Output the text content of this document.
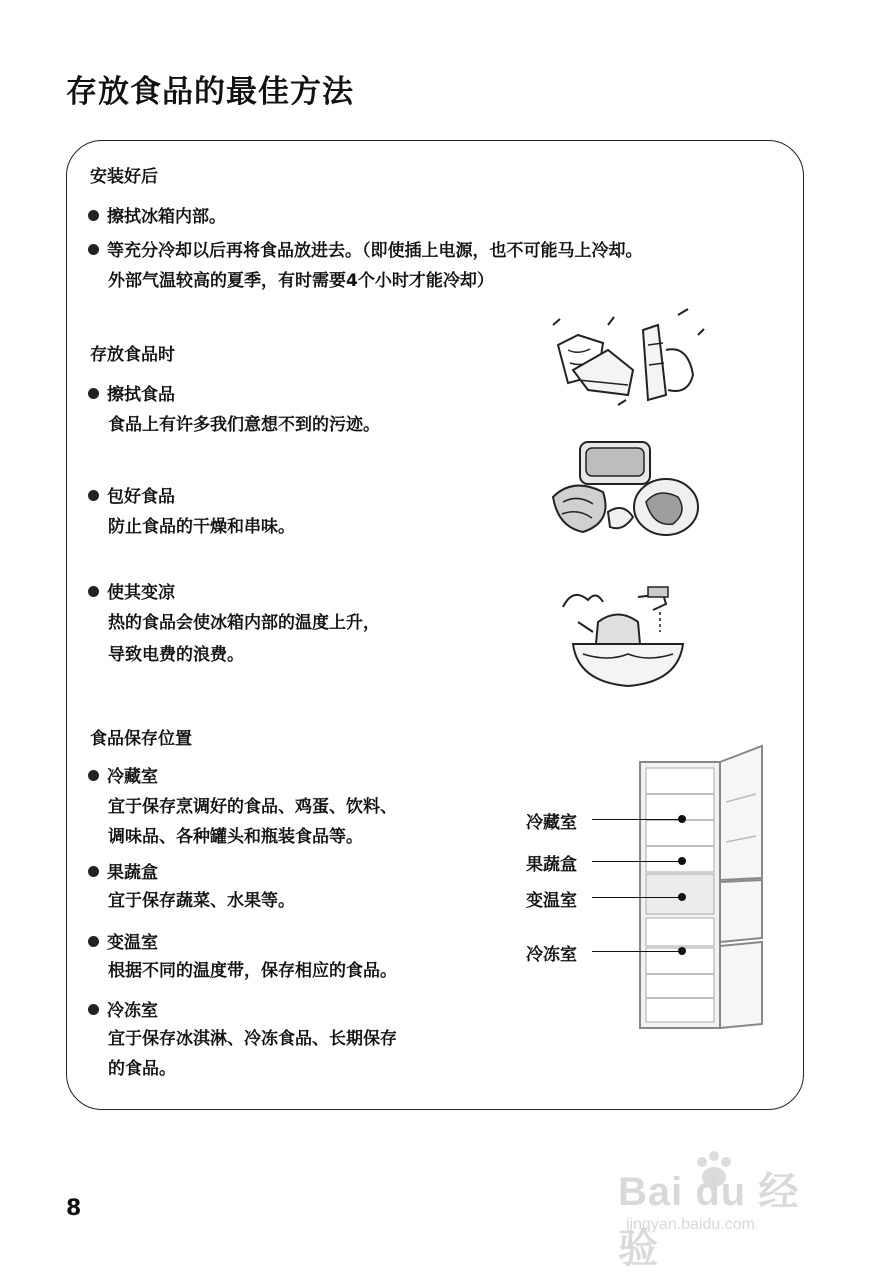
存放食品的最佳方法
安装好后
擦拭冰箱内部。
等充分冷却以后再将食品放进去。（即使插上电源，也不可能马上冷却。
外部气温较高的夏季，有时需要4个小时才能冷却）
存放食品时
擦拭食品
食品上有许多我们意想不到的污迹。
包好食品
防止食品的干燥和串味。
使其变凉
热的食品会使冰箱内部的温度上升，
导致电费的浪费。
食品保存位置
冷藏室
宜于保存烹调好的食品、鸡蛋、饮料、
调味品、各种罐头和瓶装食品等。
果蔬盒
宜于保存蔬菜、水果等。
变温室
根据不同的温度带，保存相应的食品。
冷冻室
宜于保存冰淇淋、冷冻食品、长期保存
的食品。
冷藏室
果蔬盒
变温室
冷冻室
8	Bai du 经验
jingyan.baidu.com
